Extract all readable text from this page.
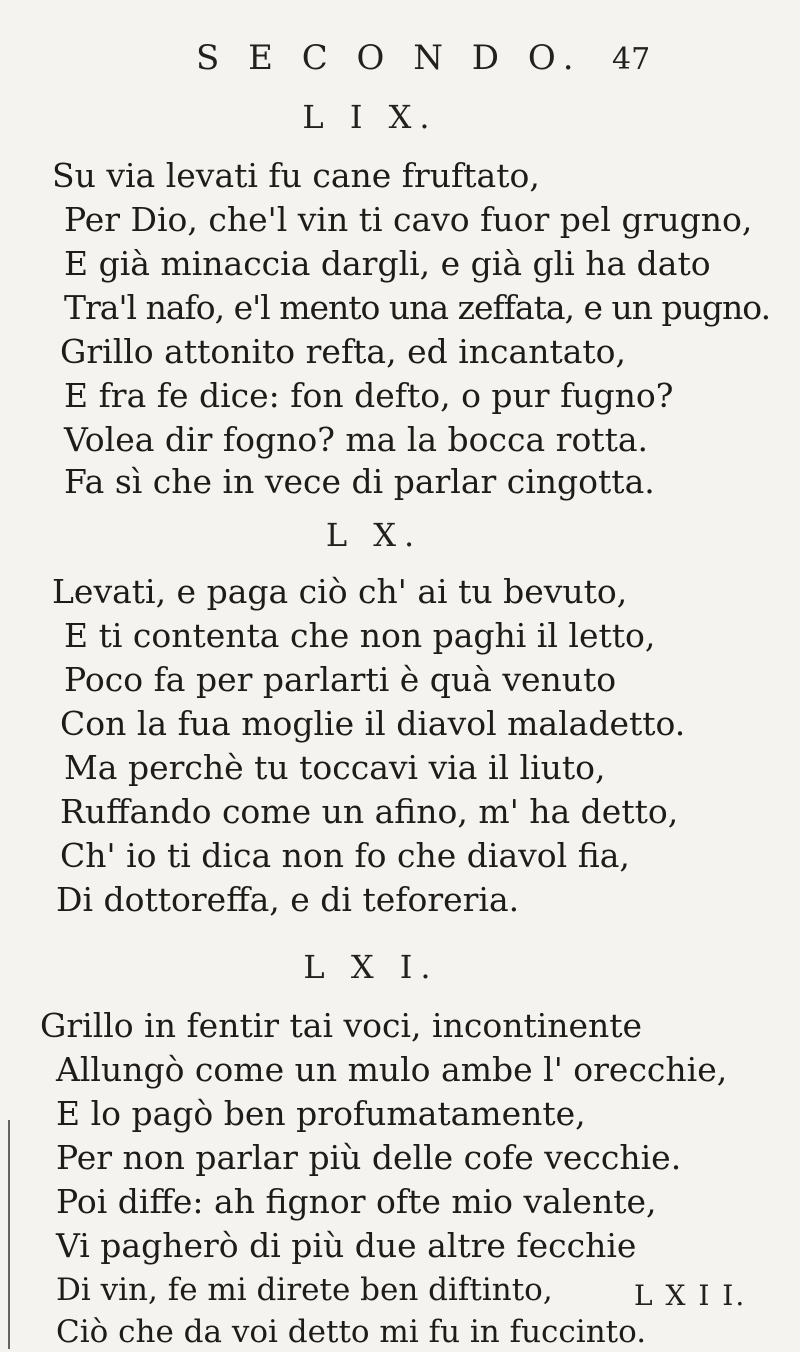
S E C O N D O. 47
L I X.
Su via levati fu cane fruftato,
Per Dio, che'l vin ti cavo fuor pel grugno,
E già minaccia dargli, e già gli ha dato
Tra'l nafo, e'l mento una zeffata, e un pugno.
Grillo attonito refta, ed incantato,
E fra fe dice: fon defto, o pur fugno?
Volea dir fogno? ma la bocca rotta.
Fa sì che in vece di parlar cingotta.
L X.
Levati, e paga ciò ch' ai tu bevuto,
E ti contenta che non paghi il letto,
Poco fa per parlarti è quà venuto
Con la fua moglie il diavol maladetto.
Ma perchè tu toccavi via il liuto,
Ruffando come un afino, m' ha detto,
Ch' io ti dica non fo che diavol fia,
Di dottoreffa, e di teforeria.
L X I.
Grillo in fentir tai voci, incontinente
Allungò come un mulo ambe l' orecchie,
E lo pagò ben profumatamente,
Per non parlar più delle cofe vecchie.
Poi diffe: ah fignor ofte mio valente,
Vi pagherò di più due altre fecchie
Di vin, fe mi direte ben diftinto,
Ciò che da voi detto mi fu in fuccinto.
L X I I.
